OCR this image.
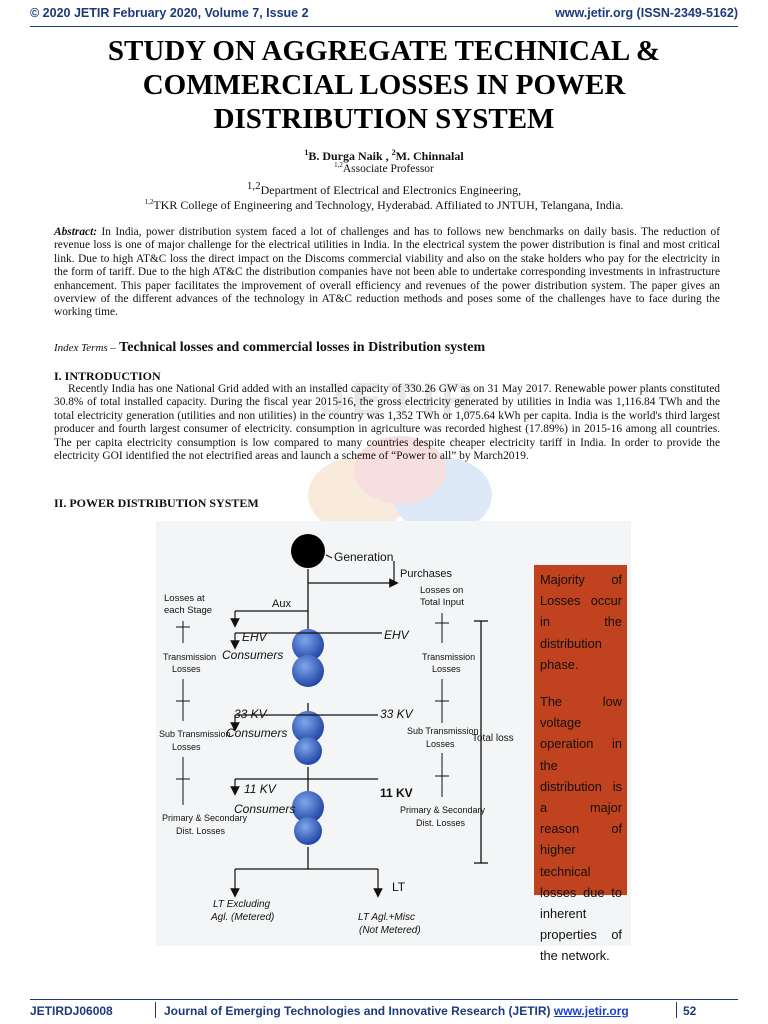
© 2020 JETIR February 2020, Volume 7, Issue 2	www.jetir.org (ISSN-2349-5162)
STUDY ON AGGREGATE TECHNICAL & COMMERCIAL LOSSES IN POWER DISTRIBUTION SYSTEM
$^1$B. Durga Naik , $^2$M. Chinnalal
$^{1,2}$Associate Professor
1,2Department of Electrical and Electronics Engineering,
$^{1,2}$TKR College of Engineering and Technology, Hyderabad. Affiliated to JNTUH, Telangana, India.
Abstract: In India, power distribution system faced a lot of challenges and has to follows new benchmarks on daily basis. The reduction of revenue loss is one of major challenge for the electrical utilities in India. In the electrical system the power distribution is final and most critical link. Due to high AT&C loss the direct impact on the Discoms commercial viability and also on the stake holders who pay for the electricity in the form of tariff. Due to the high AT&C the distribution companies have not been able to undertake corresponding investments in infrastructure enhancement. This paper facilitates the improvement of overall efficiency and revenues of the power distribution system. The paper gives an overview of the different advances of the technology in AT&C reduction methods and poses some of the challenges have to face during the working time.
Index Terms – Technical losses and commercial losses in Distribution system
JETIR
I. INTRODUCTION
Recently India has one National Grid added with an installed capacity of 330.26 GW as on 31 May 2017. Renewable power plants constituted 30.8% of total installed capacity. During the fiscal year 2015-16, the gross electricity generated by utilities in India was 1,116.84 TWh and the total electricity generation (utilities and non utilities) in the country was 1,352 TWh or 1,075.64 kWh per capita. India is the world's third largest producer and fourth largest consumer of electricity. consumption in agriculture was recorded highest (17.89%) in 2015-16 among all countries. The per capita electricity consumption is low compared to many countries despite cheaper electricity tariff in India. In order to provide the electricity GOI identified the not electrified areas and launch a scheme of “Power to all” by March2019.
II. POWER DISTRIBUTION SYSTEM
Generation
Purchases
Aux
EHV
Consumers
EHV
33 KV
Consumers
33 KV
11 KV
Consumers
11 KV
LT
LT Excluding
Agl. (Metered)	LT Agl.+Misc
(Not Metered)
Losses at
each Stage
Transmission
Losses
Sub Transmission
Losses
Primary & Secondary
Dist. Losses
Losses on
Total Input
Transmission
Losses
Sub Transmission
Losses
Primary & Secondary
Dist. Losses
Total loss

Majority of Losses occur in the distribution phase.

The low voltage operation in the distribution is a major reason of higher technical losses due to inherent properties of the network.

JETIRDJ06008	Journal of Emerging Technologies and Innovative Research (JETIR) www.jetir.org	52
